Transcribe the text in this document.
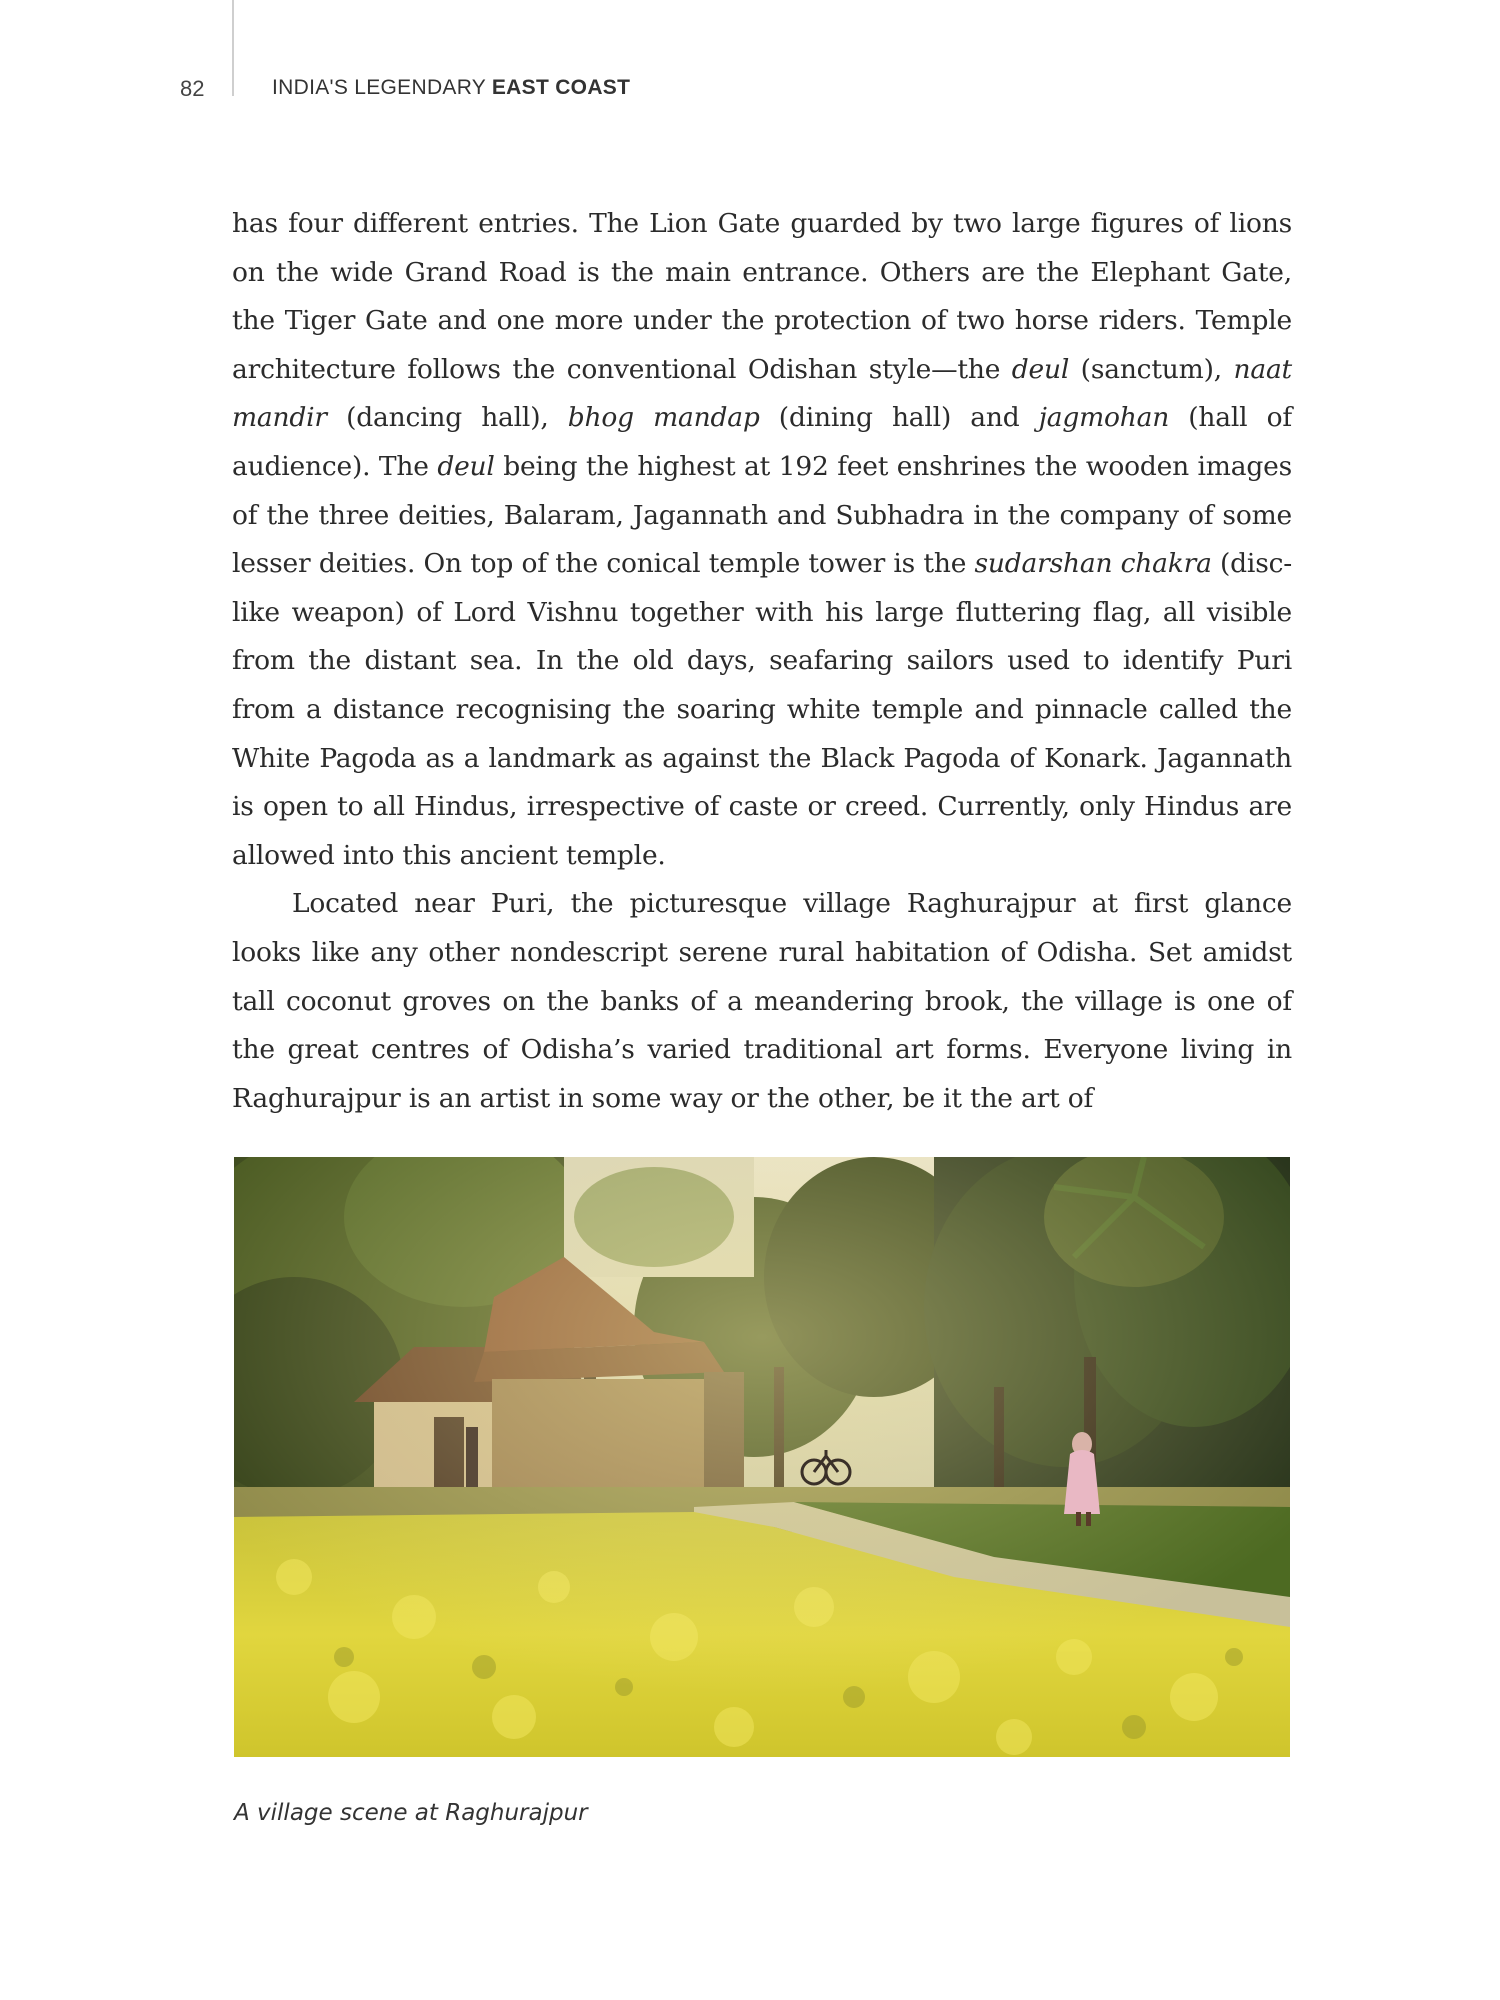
82	INDIA'S LEGENDARY EAST COAST

has four different entries. The Lion Gate guarded by two large figures of lions on the wide Grand Road is the main entrance. Others are the Elephant Gate, the Tiger Gate and one more under the protection of two horse riders. Temple architecture follows the conventional Odishan style—the deul (sanctum), naat mandir (dancing hall), bhog mandap (dining hall) and jagmohan (hall of audience). The deul being the highest at 192 feet enshrines the wooden images of the three deities, Balaram, Jagannath and Subhadra in the company of some lesser deities. On top of the conical temple tower is the sudarshan chakra (disc-like weapon) of Lord Vishnu together with his large fluttering flag, all visible from the distant sea. In the old days, seafaring sailors used to identify Puri from a distance recognising the soaring white temple and pinnacle called the White Pagoda as a landmark as against the Black Pagoda of Konark. Jagannath is open to all Hindus, irrespective of caste or creed. Currently, only Hindus are allowed into this ancient temple.

Located near Puri, the picturesque village Raghurajpur at first glance looks like any other nondescript serene rural habitation of Odisha. Set amidst tall coconut groves on the banks of a meandering brook, the village is one of the great centres of Odisha’s varied traditional art forms. Everyone living in Raghurajpur is an artist in some way or the other, be it the art of

A village scene at Raghurajpur
